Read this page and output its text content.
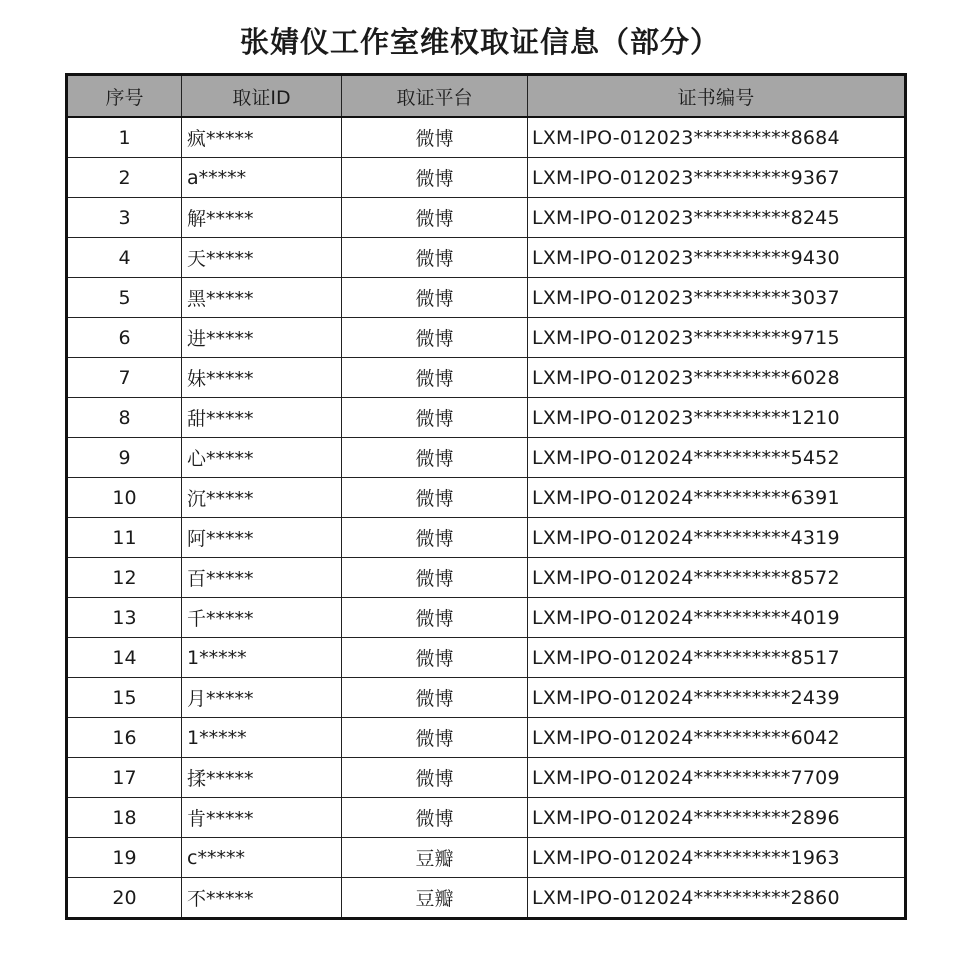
张婧仪工作室维权取证信息（部分）
序号	取证ID	取证平台	证书编号
1	疯*****	微博	LXM-IPO-012023**********8684
2	a*****	微博	LXM-IPO-012023**********9367
3	解*****	微博	LXM-IPO-012023**********8245
4	天*****	微博	LXM-IPO-012023**********9430
5	黑*****	微博	LXM-IPO-012023**********3037
6	进*****	微博	LXM-IPO-012023**********9715
7	妹*****	微博	LXM-IPO-012023**********6028
8	甜*****	微博	LXM-IPO-012023**********1210
9	心*****	微博	LXM-IPO-012024**********5452
10	沉*****	微博	LXM-IPO-012024**********6391
11	阿*****	微博	LXM-IPO-012024**********4319
12	百*****	微博	LXM-IPO-012024**********8572
13	千*****	微博	LXM-IPO-012024**********4019
14	1*****	微博	LXM-IPO-012024**********8517
15	月*****	微博	LXM-IPO-012024**********2439
16	1*****	微博	LXM-IPO-012024**********6042
17	揉*****	微博	LXM-IPO-012024**********7709
18	肯*****	微博	LXM-IPO-012024**********2896
19	c*****	豆瓣	LXM-IPO-012024**********1963
20	不*****	豆瓣	LXM-IPO-012024**********2860
